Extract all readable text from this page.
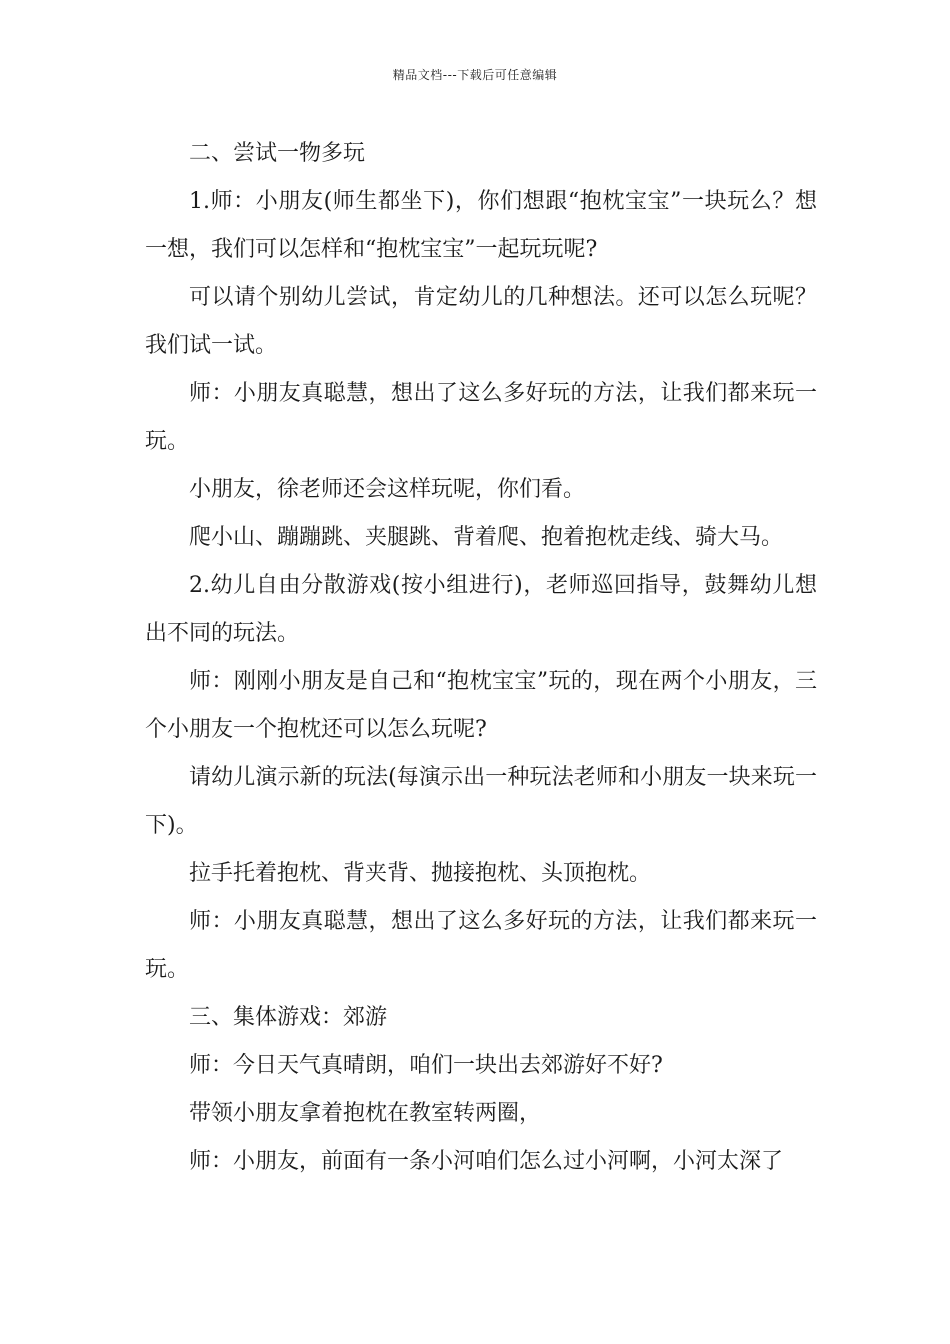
精品文档---下载后可任意编辑

二、尝试一物多玩

1.师：小朋友(师生都坐下)，你们想跟“抱枕宝宝”一块玩么？想一想，我们可以怎样和“抱枕宝宝”一起玩玩呢?

可以请个别幼儿尝试，肯定幼儿的几种想法。还可以怎么玩呢？我们试一试。

师：小朋友真聪慧，想出了这么多好玩的方法，让我们都来玩一玩。

小朋友，徐老师还会这样玩呢，你们看。

爬小山、蹦蹦跳、夹腿跳、背着爬、抱着抱枕走线、骑大马。

2.幼儿自由分散游戏(按小组进行)，老师巡回指导，鼓舞幼儿想出不同的玩法。

师：刚刚小朋友是自己和“抱枕宝宝”玩的，现在两个小朋友，三个小朋友一个抱枕还可以怎么玩呢?

请幼儿演示新的玩法(每演示出一种玩法老师和小朋友一块来玩一下)。

拉手托着抱枕、背夹背、抛接抱枕、头顶抱枕。

师：小朋友真聪慧，想出了这么多好玩的方法，让我们都来玩一玩。

三、集体游戏：郊游

师：今日天气真晴朗，咱们一块出去郊游好不好?

带领小朋友拿着抱枕在教室转两圈，

师：小朋友，前面有一条小河咱们怎么过小河啊，小河太深了
